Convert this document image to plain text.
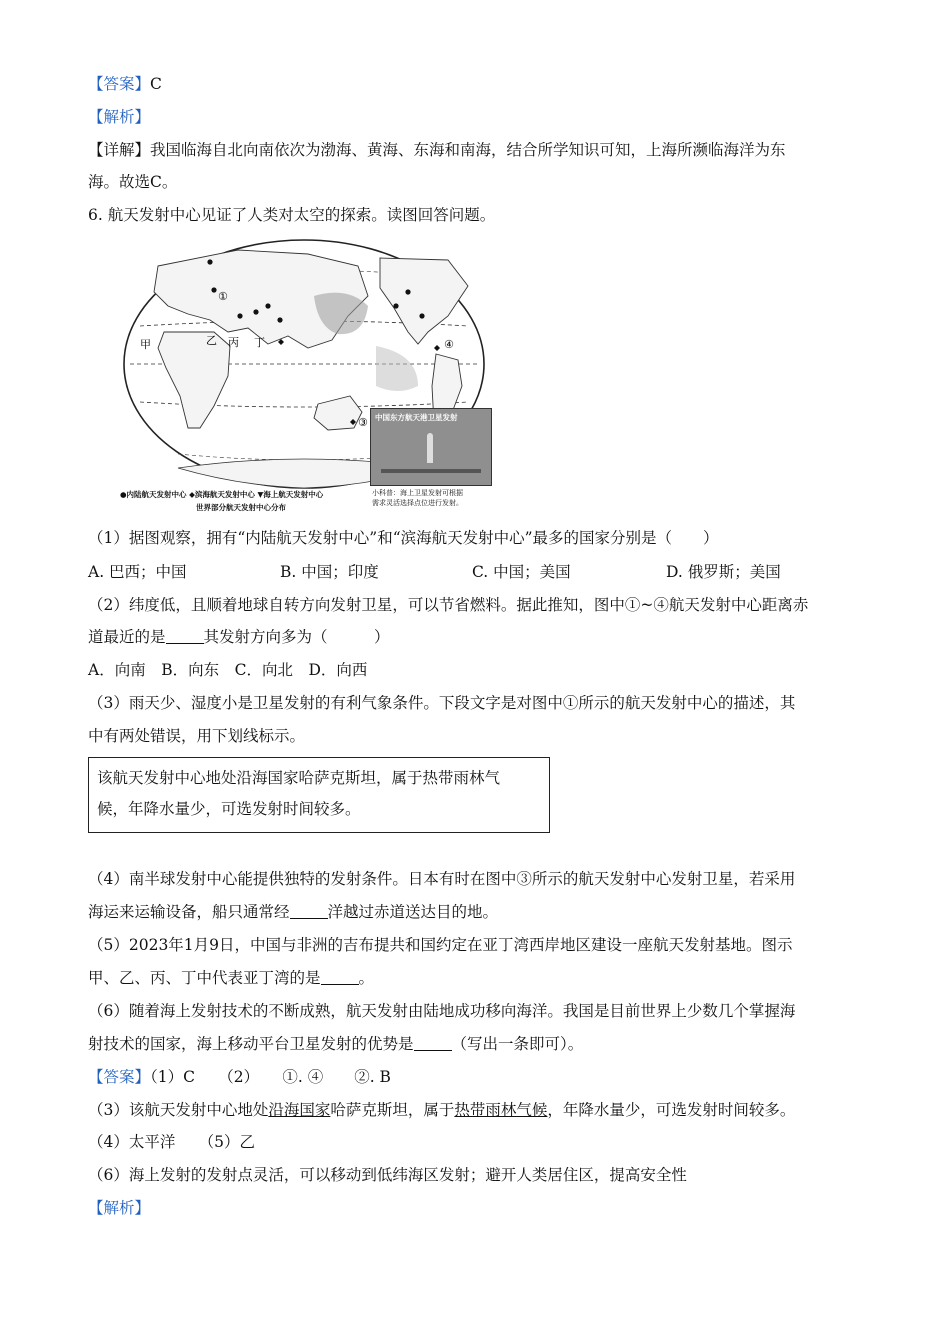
【答案】C
【解析】
【详解】我国临海自北向南依次为渤海、黄海、东海和南海，结合所学知识可知，上海所濒临海洋为东
海。故选C。
6. 航天发射中心见证了人类对太空的探索。读图回答问题。
①
甲	乙 丙 丁	④
③ 中国东方航天港卫星发射
小科普：海上卫星发射可根据
需求灵活选择点位进行发射。
●内陆航天发射中心 ◆滨海航天发射中心 ▼海上航天发射中心
世界部分航天发射中心分布
（1）据图观察，拥有“内陆航天发射中心”和“滨海航天发射中心”最多的国家分别是（　　）
A. 巴西；中国	B. 中国；印度	C. 中国；美国	D. 俄罗斯；美国
（2）纬度低，且顺着地球自转方向发射卫星，可以节省燃料。据此推知，图中①~④航天发射中心距离赤
道最近的是 其发射方向多为（　　　）
A．向南　B．向东　C．向北　D．向西
（3）雨天少、湿度小是卫星发射的有利气象条件。下段文字是对图中①所示的航天发射中心的描述，其
中有两处错误，用下划线标示。
该航天发射中心地处沿海国家哈萨克斯坦，属于热带雨林气
候，年降水量少，可选发射时间较多。
（4）南半球发射中心能提供独特的发射条件。日本有时在图中③所示的航天发射中心发射卫星，若采用
海运来运输设备，船只通常经 洋越过赤道送达目的地。
（5）2023年1月9日，中国与非洲的吉布提共和国约定在亚丁湾西岸地区建设一座航天发射基地。图示
甲、乙、丙、丁中代表亚丁湾的是 。
（6）随着海上发射技术的不断成熟，航天发射由陆地成功移向海洋。我国是目前世界上少数几个掌握海
射技术的国家，海上移动平台卫星发射的优势是 （写出一条即可）。
【答案】（1）C　　（2）　　①. ④　　②. B
（3）该航天发射中心地处沿海国家哈萨克斯坦，属于热带雨林气候，年降水量少，可选发射时间较多。
（4）太平洋　　（5）乙
（6）海上发射的发射点灵活，可以移动到低纬海区发射；避开人类居住区，提高安全性
【解析】
